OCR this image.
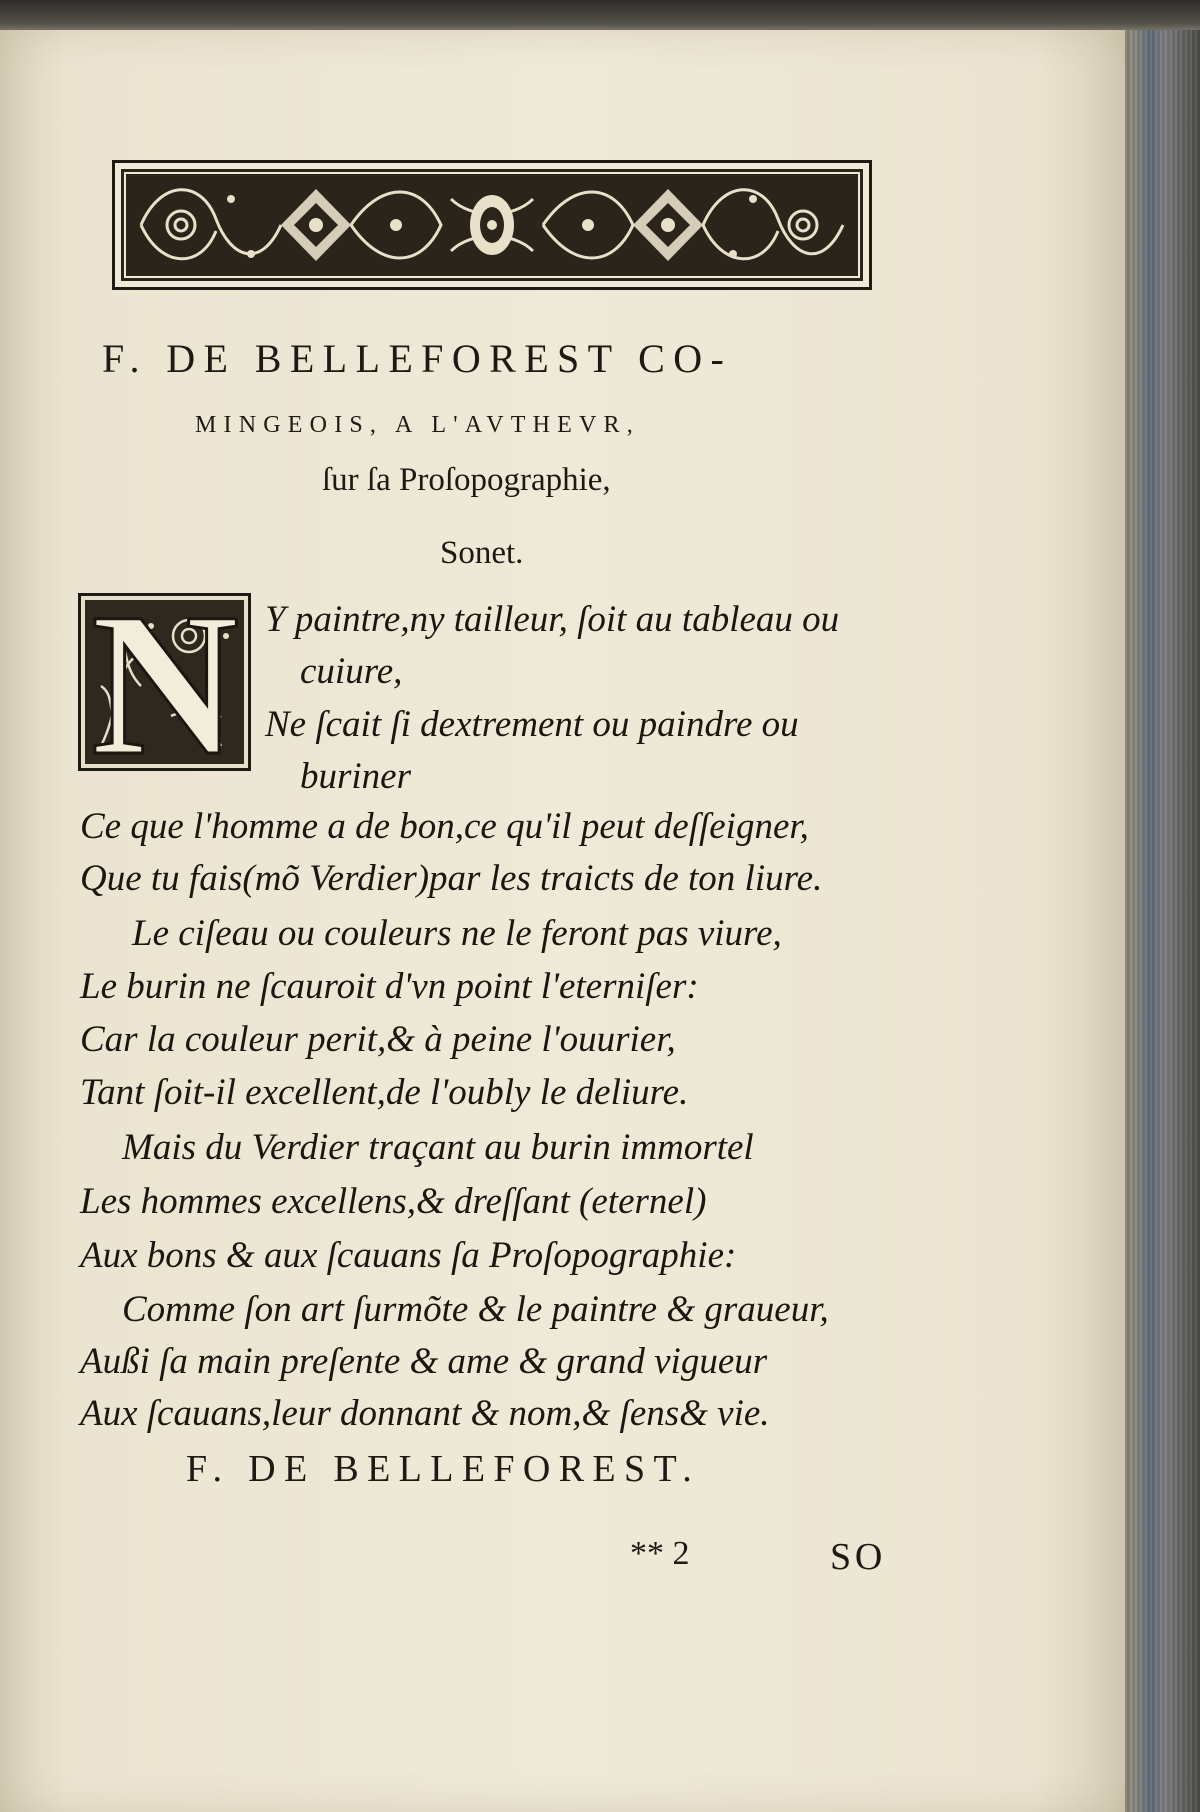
F. DE BELLEFOREST CO-
MINGEOIS, A L'AVTHEVR,
ſur ſa Proſopographie,
Sonet.
N Y paintre,ny tailleur, ſoit au tableau ou
cuiure,
Ne ſcait ſi dextrement ou paindre ou
buriner
Ce que l'homme a de bon,ce qu'il peut deſſeigner,
Que tu fais(mõ Verdier)par les traicts de ton liure.
Le ciſeau ou couleurs ne le feront pas viure,
Le burin ne ſcauroit d'vn point l'eterniſer:
Car la couleur perit,& à peine l'ouurier,
Tant ſoit-il excellent,de l'oubly le deliure.
Mais du Verdier traçant au burin immortel
Les hommes excellens,& dreſſant (eternel)
Aux bons & aux ſcauans ſa Proſopographie:
Comme ſon art ſurmõte & le paintre & graueur,
Außi ſa main preſente & ame & grand vigueur
Aux ſcauans,leur donnant & nom,& ſens& vie.
F. DE BELLEFOREST.
** 2	SO
